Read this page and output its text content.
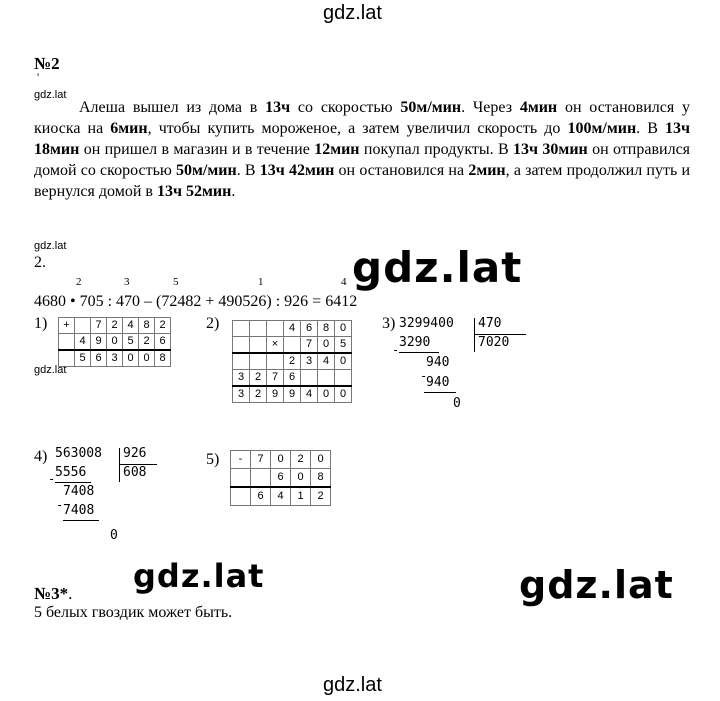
gdz.lat
gdz.lat
gdz.lat
gdz.lat
gdz.lat
gdz.lat	gdz.lat
gdz.lat
№2
'
Алеша вышел из дома в 13ч со скоростью 50м/мин. Через 4мин он остановился у киоска на 6мин, чтобы купить мороженое, а затем увеличил скорость до 100м/мин. В 13ч 18мин он пришел в магазин и в течение 12мин покупал продукты. В 13ч 30мин он отправился домой со скоростью 50м/мин. В 13ч 42мин он остановился на 2мин, а затем продолжил путь и вернулся домой в 13ч 52мин.
2.
2	3	5	1	4
4680 • 705 : 470 – (72482 + 490526) : 926 = 6412
1) +		7	2	4	8	2
	4	9	0	5	2	6
	5	6	3	0	0	8
2)
				4	6	8	0
		×		7	0	5
			2	3	4	0
3	2	7	6			
3	2	9	9	4	0	0
3) 3299400 470
7020
- 3290
940
-
940
0
4) 563008 926
608
- 5556
7408
- 7408
0
5) -	7	0	2	0
		6	0	8
	6	4	1	2
№3*.
5 белых гвоздик может быть.
